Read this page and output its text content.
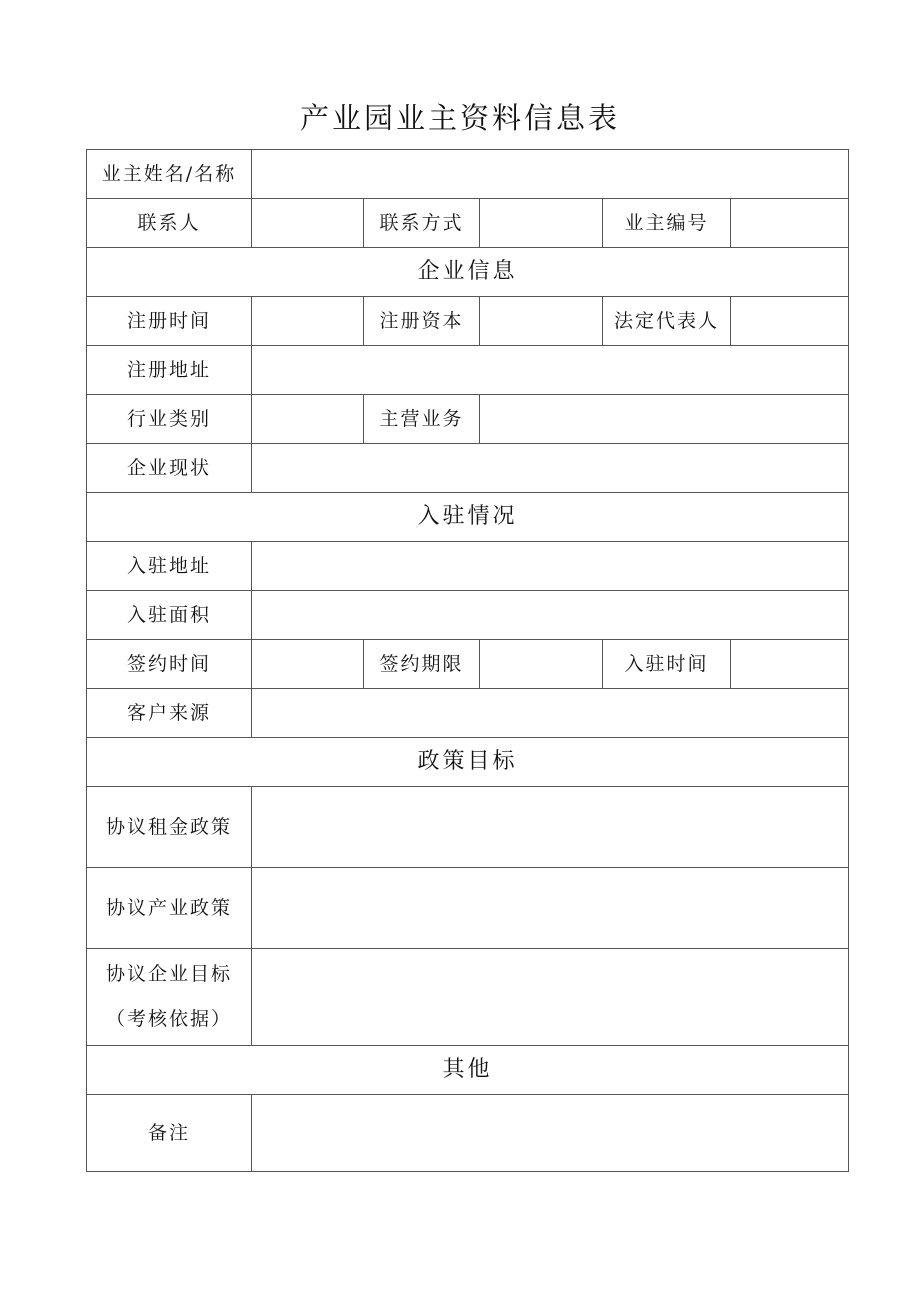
产业园业主资料信息表
业主姓名/名称					
联系人		联系方式		业主编号	
企业信息					
注册时间		注册资本		法定代表人	
注册地址					
行业类别		主营业务			
企业现状					
入驻情况					
入驻地址					
入驻面积					
签约时间		签约期限		入驻时间	
客户来源					
政策目标					
协议租金政策					
协议产业政策					
协议企业目标
（考核依据）					

其他					
备注					
